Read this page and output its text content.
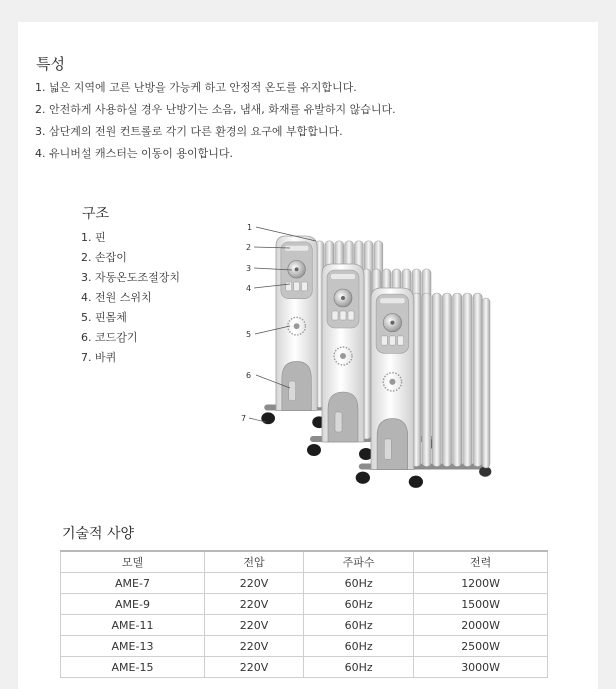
특성
1. 넓은 지역에 고른 난방을 가능케 하고 안정적 온도를 유지합니다.
2. 안전하게 사용하실 경우 난방기는 소음, 냄새, 화재를 유발하지 않습니다.
3. 삼단계의 전원 컨트롤로 각기 다른 환경의 요구에 부합합니다.
4. 유니버설 캐스터는 이동이 용이합니다.
구조
1. 핀
2. 손잡이
3. 자동온도조절장치
4. 전원 스위치
5. 핀몸체
6. 코드감기
7. 바퀴
1
2
3
4
5
6
7
기술적 사양
모델	전압	주파수	전력
AME-7	220V	60Hz	1200W
AME-9	220V	60Hz	1500W
AME-11	220V	60Hz	2000W
AME-13	220V	60Hz	2500W
AME-15	220V	60Hz	3000W
